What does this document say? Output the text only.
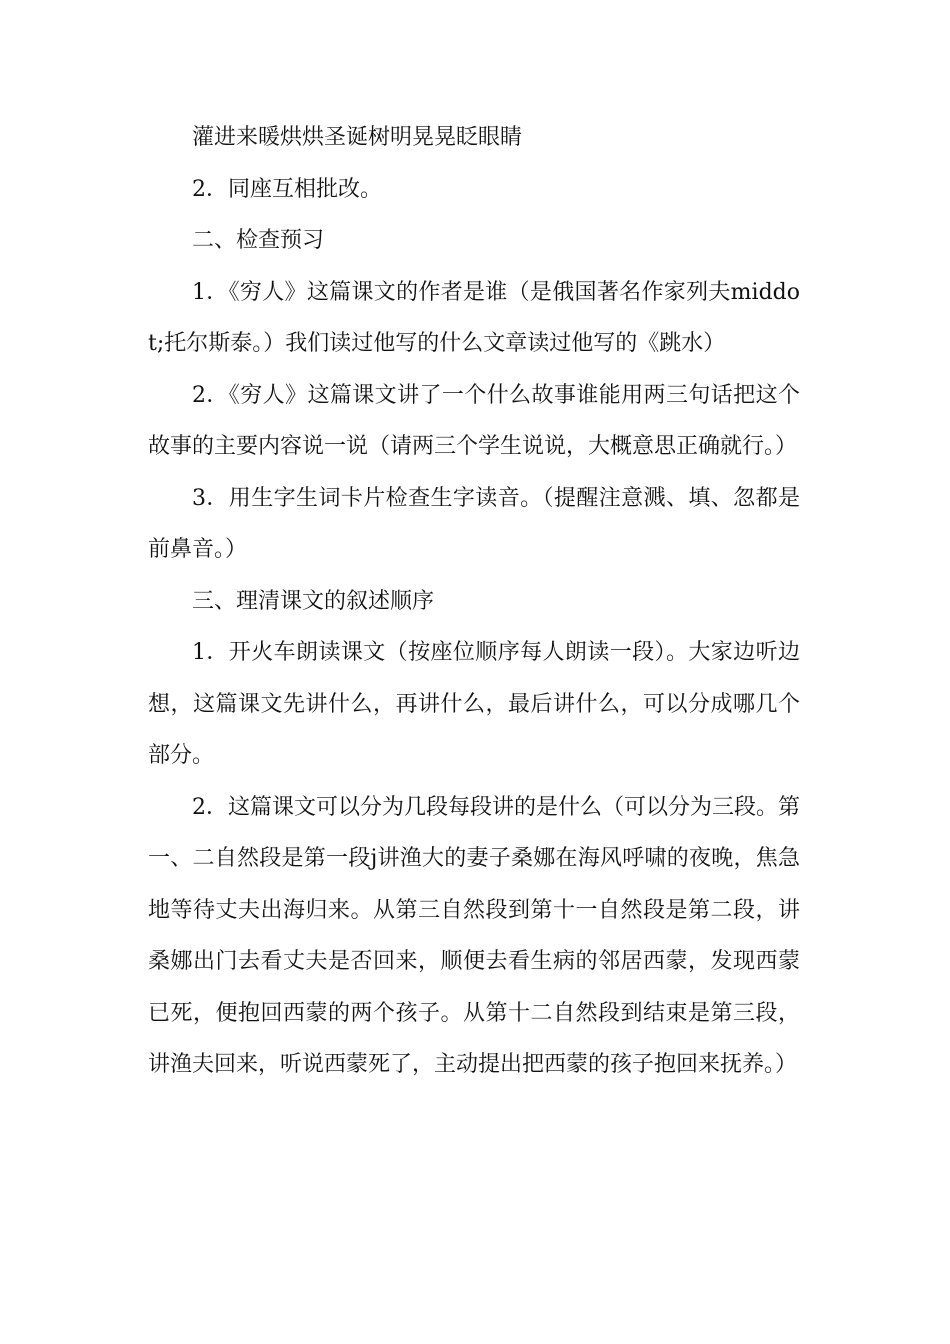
灌进来暖烘烘圣诞树明晃晃眨眼睛

2．同座互相批改。

二、检查预习

1．《穷人》这篇课文的作者是谁（是俄国著名作家列夫middot;托尔斯泰。）我们读过他写的什么文章读过他写的《跳水）

2．《穷人》这篇课文讲了一个什么故事谁能用两三句话把这个故事的主要内容说一说（请两三个学生说说，大概意思正确就行。）

3．用生字生词卡片检查生字读音。（提醒注意溅、填、忽都是前鼻音。）

三、理清课文的叙述顺序

1．开火车朗读课文（按座位顺序每人朗读一段）。大家边听边想，这篇课文先讲什么，再讲什么，最后讲什么，可以分成哪几个部分。

2．这篇课文可以分为几段每段讲的是什么（可以分为三段。第一、二自然段是第一段j讲渔大的妻子桑娜在海风呼啸的夜晚，焦急地等待丈夫出海归来。从第三自然段到第十一自然段是第二段，讲桑娜出门去看丈夫是否回来，顺便去看生病的邻居西蒙，发现西蒙已死，便抱回西蒙的两个孩子。从第十二自然段到结束是第三段，讲渔夫回来，听说西蒙死了，主动提出把西蒙的孩子抱回来抚养。）
